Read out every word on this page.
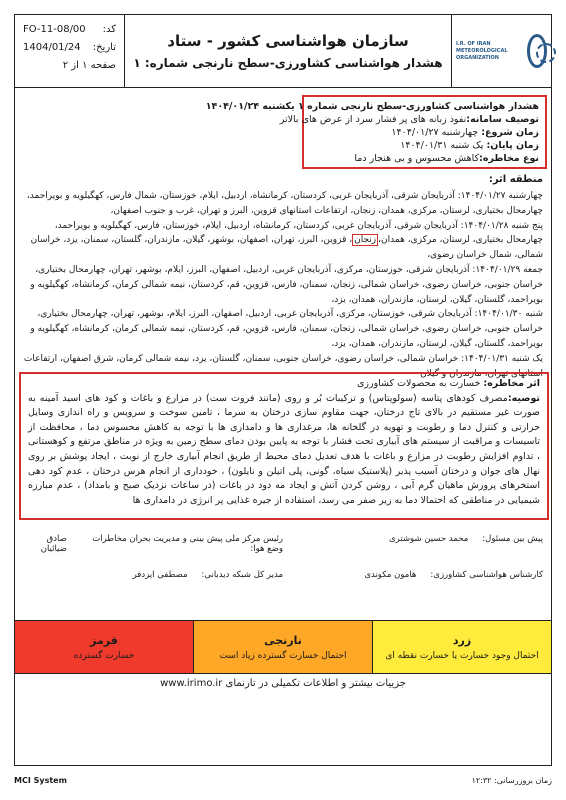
کد:
FO-11-08/00
تاریخ:
1404/01/24
صفحه ۱ از ۲
سازمان هواشناسی کشور - ستاد
هشدار هواشناسی کشاورزی-سطح نارنجی شماره: ۱
I.R. OF IRAN METEOROLOGICAL ORGANIZATION
هشدار هواشناسی کشاورزی-سطح نارنجی شماره ۱ یکشنبه ۱۴۰۴/۰۱/۲۴
توصیف سامانه:نفوذ زبانه های پر فشار سرد از عرض های بالاتر
زمان شروع: چهارشنبه ۱۴۰۴/۰۱/۲۷
زمان پایان: یک شنبه ۱۴۰۴/۰۱/۳۱
نوع مخاطره:کاهش محسوس و بی هنجار دما
منطقه اثر:

چهارشنبه ۱۴۰۴/۰۱/۲۷: آذربایجان شرقی، آذربایجان غربی، کردستان، کرمانشاه، اردبیل، ایلام، خوزستان، شمال فارس، کهگیلویه و بویراحمد، چهارمحال بختیاری، لرستان، مرکزی، همدان، زنجان، ارتفاعات استانهای قزوین، البرز و تهران، غرب و جنوب اصفهان،

پنج شنبه ۱۴۰۴/۰۱/۲۸: آذربایجان شرقی، آذربایجان غربی، کردستان، کرمانشاه، اردبیل، ایلام، خوزستان، فارس، کهگیلویه و بویراحمد، چهارمحال بختیاری، لرستان، مرکزی، همدان،زنجان، قزوین، البرز، تهران، اصفهان، بوشهر، گیلان، مازندران، گلستان، سمنان، یزد، خراسان شمالی، شمال خراسان رضوی،

جمعه ۱۴۰۴/۰۱/۲۹: آذربایجان شرقی، خوزستان، مرکزی، آذربایجان غربی، اردبیل، اصفهان، البرز، ایلام، بوشهر، تهران، چهارمحال بختیاری، خراسان جنوبی، خراسان رضوی، خراسان شمالی، زنجان، سمنان، فارس، قزوین، قم، کردستان، نیمه شمالی کرمان، کرمانشاه، کهگیلویه و بویراحمد، گلستان، گیلان، لرستان، مازندران، همدان، یزد،

شنبه ۱۴۰۴/۰۱/۳۰: آذربایجان شرقی، خوزستان، مرکزی، آذربایجان غربی، اردبیل، اصفهان، البرز، ایلام، بوشهر، تهران، چهارمحال بختیاری، خراسان جنوبی، خراسان رضوی، خراسان شمالی، زنجان، سمنان، فارس، قزوین، قم، کردستان، نیمه شمالی کرمان، کرمانشاه، کهگیلویه و بویراحمد، گلستان، گیلان، لرستان، مازندران، همدان، یزد،

یک شنبه ۱۴۰۴/۰۱/۳۱: خراسان شمالی، خراسان رضوی، خراسان جنوبی، سمنان، گلستان، یزد، نیمه شمالی کرمان، شرق اصفهان، ارتفاعات استانهای تهران، مازندران و گیلان

اثر مخاطره: خسارت به محصولات کشاورزی
توصیه:مصرف کودهای پتاسه (سولوپتاس) و ترکیبات بُر و روی (مانند فروت ست) در مزارع و باغات و کود های اسید آمینه به صورت غیر مستقیم در بالای تاج درختان، جهت مقاوم سازی درختان به سرما ، تامین سوخت و سرویس و راه اندازی وسایل حرارتی و کنترل دما و رطوبت و تهویه در گلخانه ها، مرغداری ها و دامداری ها با توجه به کاهش محسوس دما ، محافظت از تاسیسات و مراقبت از سیستم های آبیاری تحت فشار با توجه به پایین بودن دمای سطح زمین به ویژه در مناطق مرتفع و کوهستانی ، تداوم افزایش رطوبت در مزارع و باغات با هدف تعدیل دمای محیط از طریق انجام آبیاری خارج از نوبت ، ایجاد پوشش بر روی نهال های جوان و درختان آسیب پذیر (پلاستیک سیاه، گونی، پلی اتیلن و نایلون) ، خودداری از انجام هرس درختان ، عدم کود دهی استخرهای پرورش ماهیان گرم آبی ، روشن کردن آتش و ایجاد مه دود در باغات (در ساعات نزدیک صبح و بامداد) ، عدم مبارزه شیمیایی در مناطقی که احتمالا دما به زیر صفر می رسد، استفاده از جیره غذایی پر انرژی در دامداری ها
پیش بین مسئول:
محمد حسین شوشتری
رئیس مرکز ملی پیش بینی و مدیریت بحران مخاطرات وضع هوا:
صادق ضیائیان
کارشناس هواشناسی کشاورزی:
هامون مکوندی
مدیر کل شبکه دیدبانی:
مصطفی ایزدفر
زرد
احتمال وجود خسارت یا خسارت نقطه ای
نارنجی
احتمال خسارت گسترده زیاد است
قرمز
خسارت گسترده
جزییات بیشتر و اطلاعات تکمیلی در تارنمای www.irimo.ir
MCI System	زمان بروزرسانی: ۱۲:۳۲
